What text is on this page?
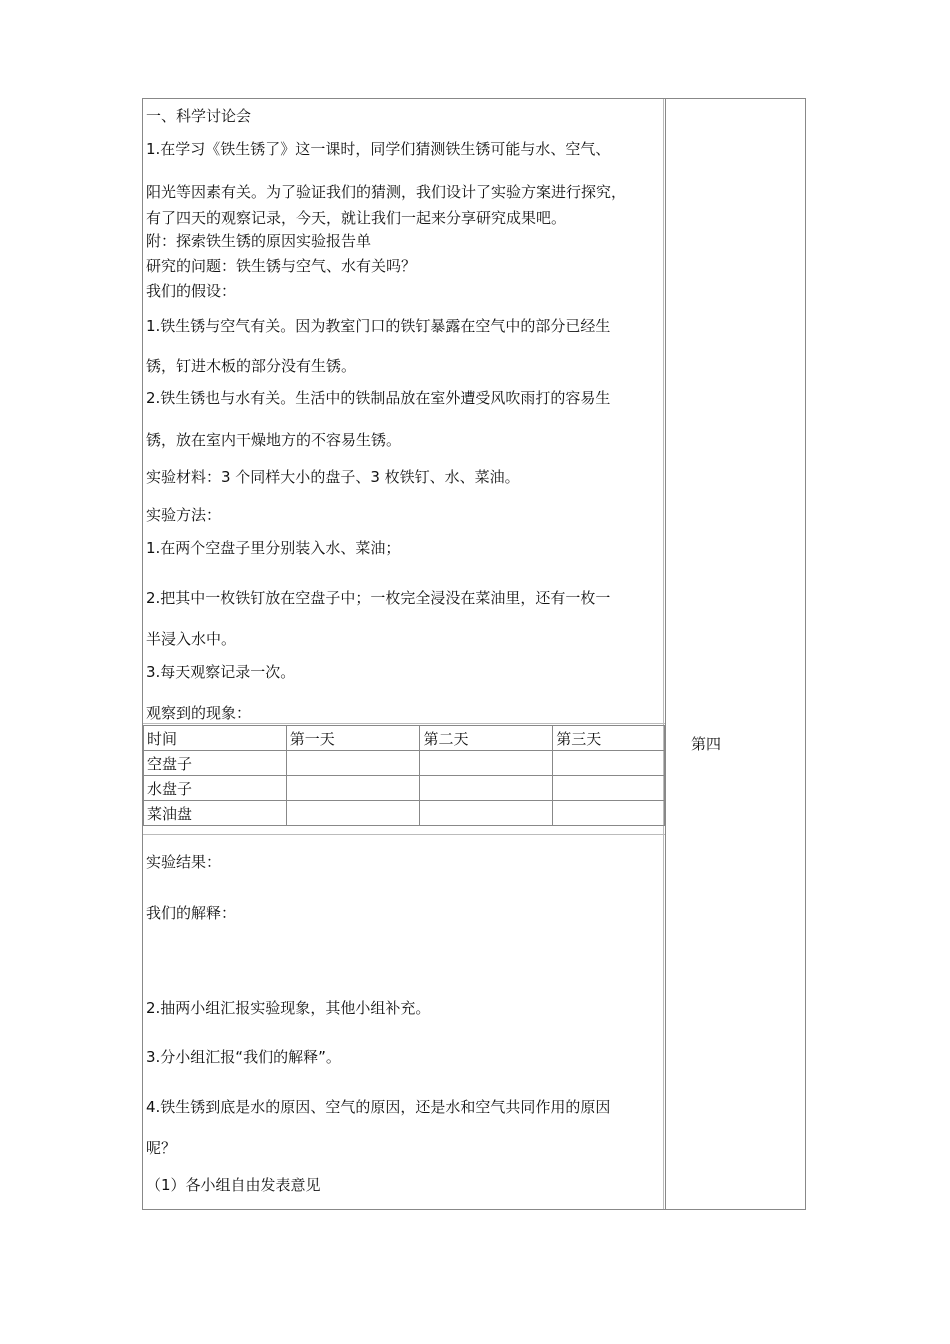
一、科学讨论会
1.在学习《铁生锈了》这一课时，同学们猜测铁生锈可能与水、空气、
阳光等因素有关。为了验证我们的猜测，我们设计了实验方案进行探究，
有了四天的观察记录，今天，就让我们一起来分享研究成果吧。
附：探索铁生锈的原因实验报告单
研究的问题：铁生锈与空气、水有关吗？
我们的假设：
1.铁生锈与空气有关。因为教室门口的铁钉暴露在空气中的部分已经生
锈，钉进木板的部分没有生锈。
2.铁生锈也与水有关。生活中的铁制品放在室外遭受风吹雨打的容易生
锈，放在室内干燥地方的不容易生锈。
实验材料：3 个同样大小的盘子、3 枚铁钉、水、菜油。
实验方法：
1.在两个空盘子里分别装入水、菜油；
2.把其中一枚铁钉放在空盘子中；一枚完全浸没在菜油里，还有一枚一
半浸入水中。
3.每天观察记录一次。
观察到的现象：
时间	第一天	第二天	第三天
空盘子			
水盘子			
菜油盘			
第四
实验结果：
我们的解释：
2.抽两小组汇报实验现象，其他小组补充。
3.分小组汇报“我们的解释”。
4.铁生锈到底是水的原因、空气的原因，还是水和空气共同作用的原因
呢？
（1）各小组自由发表意见
